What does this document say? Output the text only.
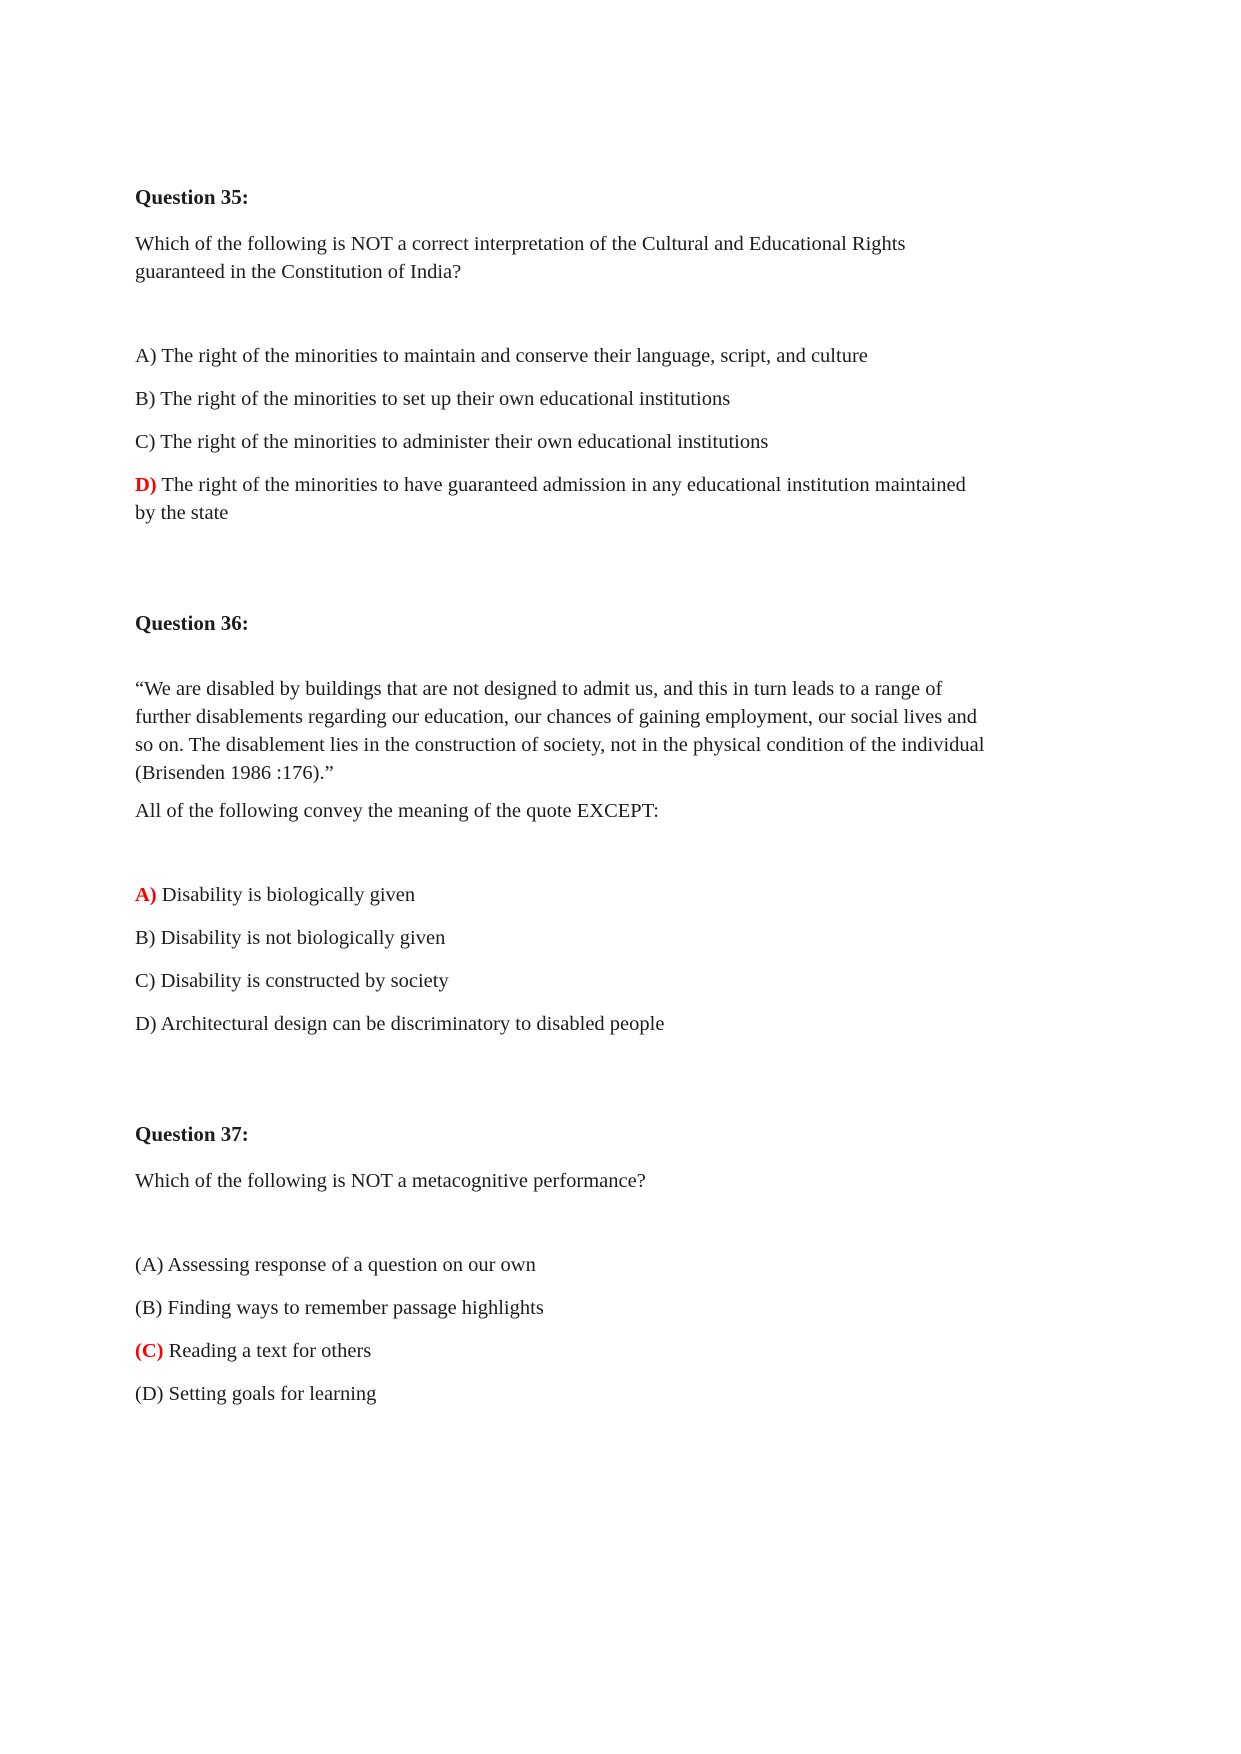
Question 35:

Which of the following is NOT a correct interpretation of the Cultural and Educational Rights guaranteed in the Constitution of India?

A) The right of the minorities to maintain and conserve their language, script, and culture

B) The right of the minorities to set up their own educational institutions

C) The right of the minorities to administer their own educational institutions

D) The right of the minorities to have guaranteed admission in any educational institution maintained by the state

Question 36:

“We are disabled by buildings that are not designed to admit us, and this in turn leads to a range of further disablements regarding our education, our chances of gaining employment, our social lives and so on. The disablement lies in the construction of society, not in the physical condition of the individual (Brisenden 1986 :176).”

All of the following convey the meaning of the quote EXCEPT:

A) Disability is biologically given

B) Disability is not biologically given

C) Disability is constructed by society

D) Architectural design can be discriminatory to disabled people

Question 37:

Which of the following is NOT a metacognitive performance?

(A) Assessing response of a question on our own

(B) Finding ways to remember passage highlights

(C) Reading a text for others

(D) Setting goals for learning
